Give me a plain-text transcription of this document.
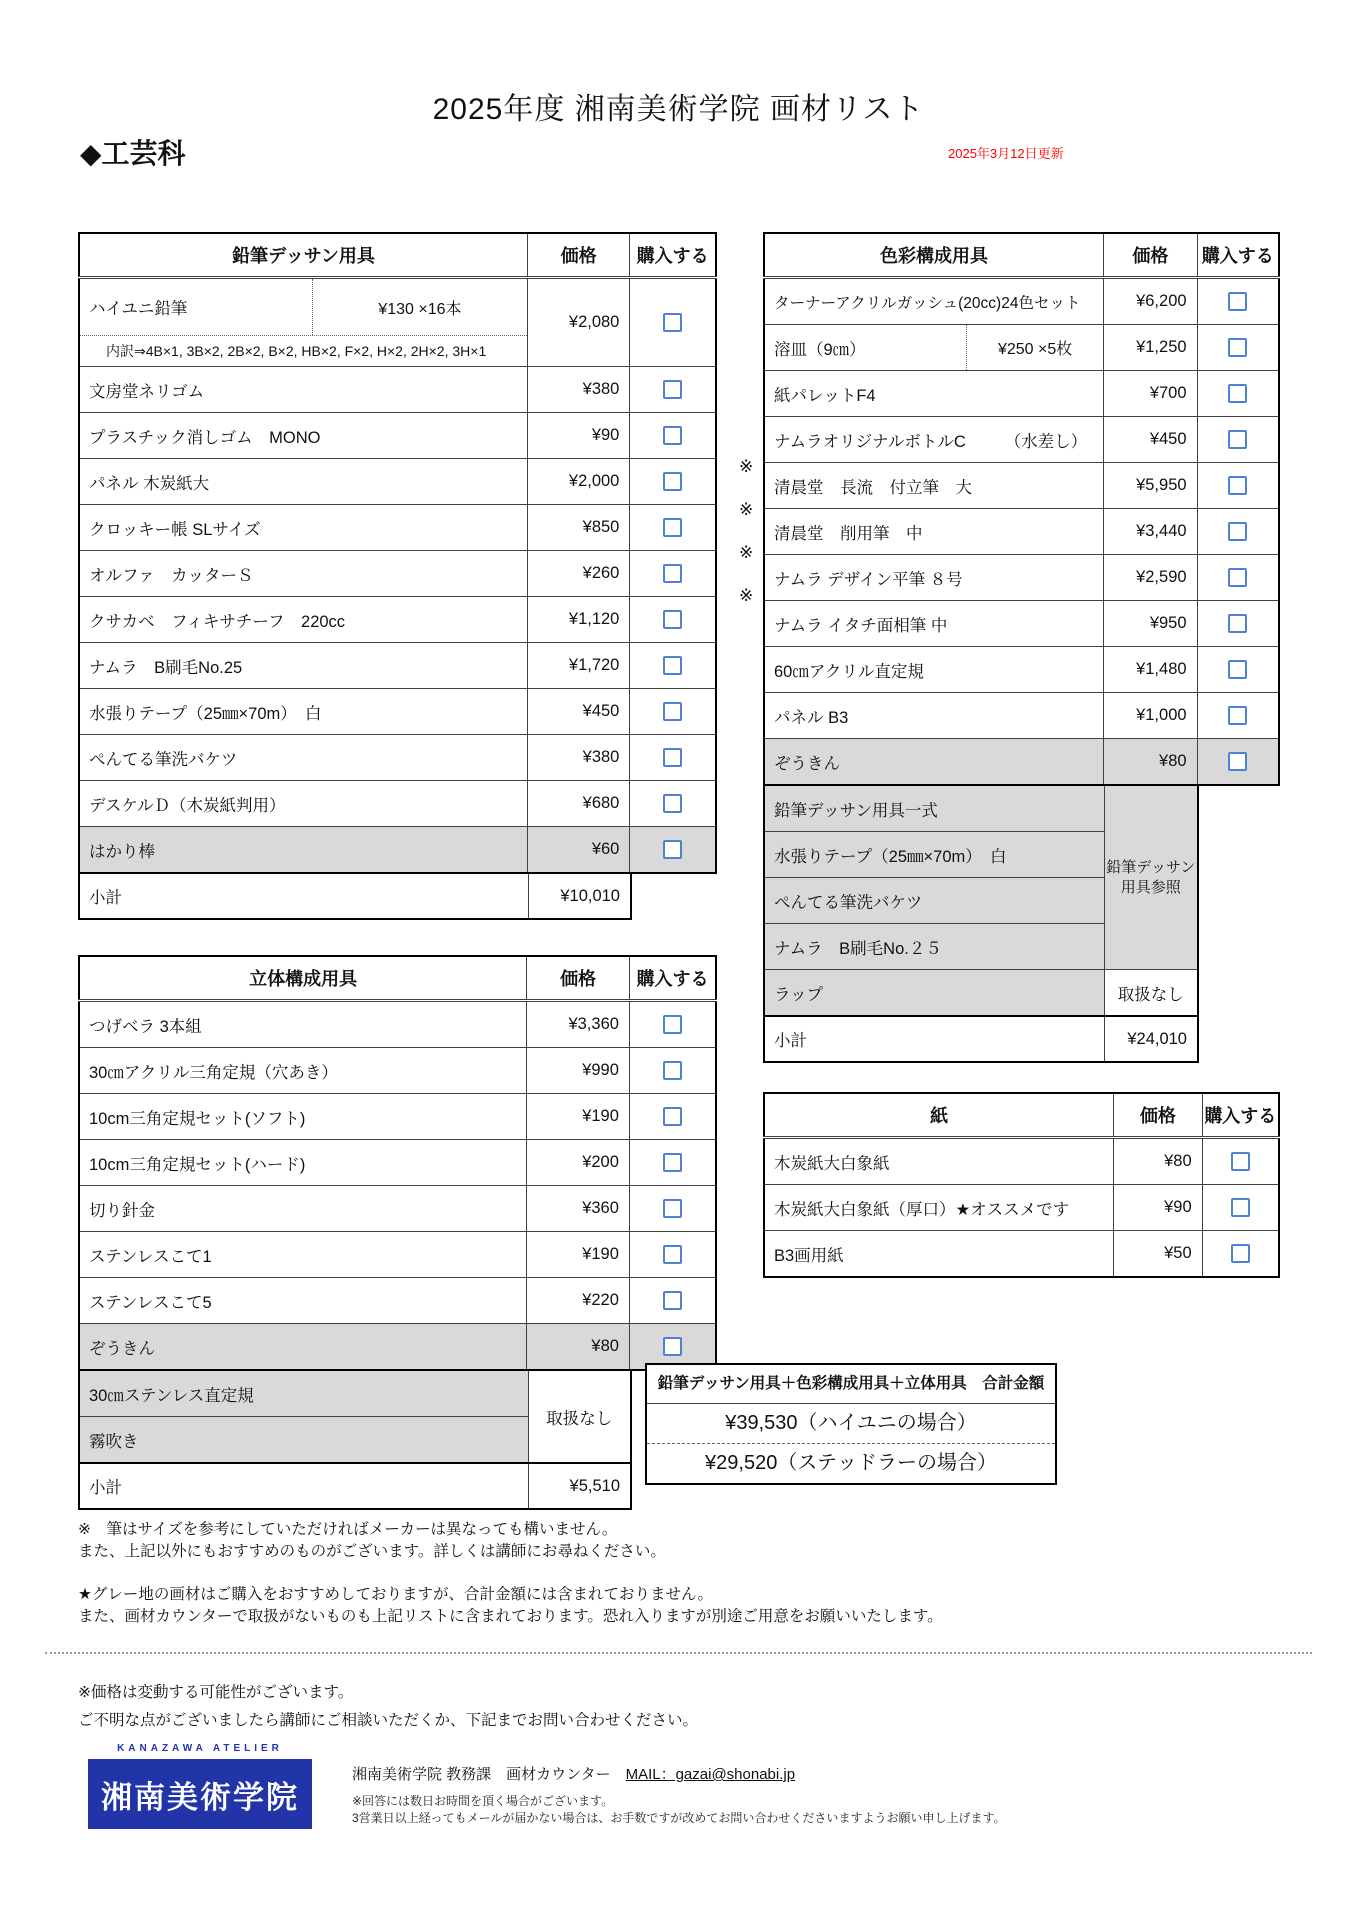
2025年度 湘南美術学院 画材リスト
◆工芸科	2025年3月12日更新
鉛筆デッサン用具	価格	購入する

ハイユニ鉛筆 ¥130 ×16本	¥2,080	
内訳⇒4B×1, 3B×2, 2B×2, B×2, HB×2, F×2, H×2, 2H×2, 3H×1		
文房堂ネリゴム	¥380	
プラスチック消しゴム　MONO	¥90	
パネル 木炭紙大	¥2,000	
クロッキー帳 SLサイズ	¥850	
オルファ　カッターＳ	¥260	
クサカベ　フィキサチーフ　220cc	¥1,120	
ナムラ　B刷毛No.25	¥1,720	
水張りテープ（25㎜×70m）　白	¥450	
ぺんてる筆洗バケツ	¥380	
デスケルＤ（木炭紙判用）	¥680	
はかり棒	¥60	
小計	¥10,010
立体構成用具	価格	購入する
つげベラ 3本組	¥3,360	
30㎝アクリル三角定規（穴あき）	¥990	
10cm三角定規セット(ソフト)	¥190	
10cm三角定規セット(ハード)	¥200	
切り針金	¥360	
ステンレスこて1	¥190	
ステンレスこて5	¥220	
ぞうきん	¥80	
30㎝ステンレス直定規	取扱なし
霧吹き
小計	¥5,510
※
※
※
※
色彩構成用具	価格	購入する
ターナーアクリルガッシュ(20cc)24色セット	¥6,200	

溶皿（9㎝） ¥250 ×5枚	¥1,250	
紙パレットF4	¥700	

ナムラオリジナルボトルC （水差し）	¥450	
清晨堂　長流　付立筆　大	¥5,950	
清晨堂　削用筆　中	¥3,440	
ナムラ デザイン平筆 ８号	¥2,590	
ナムラ イタチ面相筆 中	¥950	
60㎝アクリル直定規	¥1,480	
パネル B3	¥1,000	
ぞうきん	¥80	
鉛筆デッサン用具一式	鉛筆デッサン用具参照
水張りテープ（25㎜×70m）　白	
ぺんてる筆洗バケツ	
ナムラ　B刷毛No.２５	
ラップ	取扱なし
小計	¥24,010
紙	価格	購入する
木炭紙大白象紙	¥80	

木炭紙大白象紙（厚口） ★オススメです	¥90	
B3画用紙	¥50	
鉛筆デッサン用具＋色彩構成用具＋立体用具　合計金額
¥39,530（ハイユニの場合）
¥29,520（ステッドラーの場合）
※　筆はサイズを参考にしていただければメーカーは異なっても構いません。
また、上記以外にもおすすめのものがございます。詳しくは講師にお尋ねください。
★グレー地の画材はご購入をおすすめしておりますが、合計金額には含まれておりません。
また、画材カウンターで取扱がないものも上記リストに含まれております。恐れ入りますが別途ご用意をお願いいたします。
※価格は変動する可能性がございます。
ご不明な点がございましたら講師にご相談いただくか、下記までお問い合わせください。
KANAZAWA ATELIER
湘南美術学院
湘南美術学院 教務課　画材カウンター　MAIL：gazai@shonabi.jp
※回答には数日お時間を頂く場合がございます。
3営業日以上経ってもメールが届かない場合は、お手数ですが改めてお問い合わせくださいますようお願い申し上げます。
